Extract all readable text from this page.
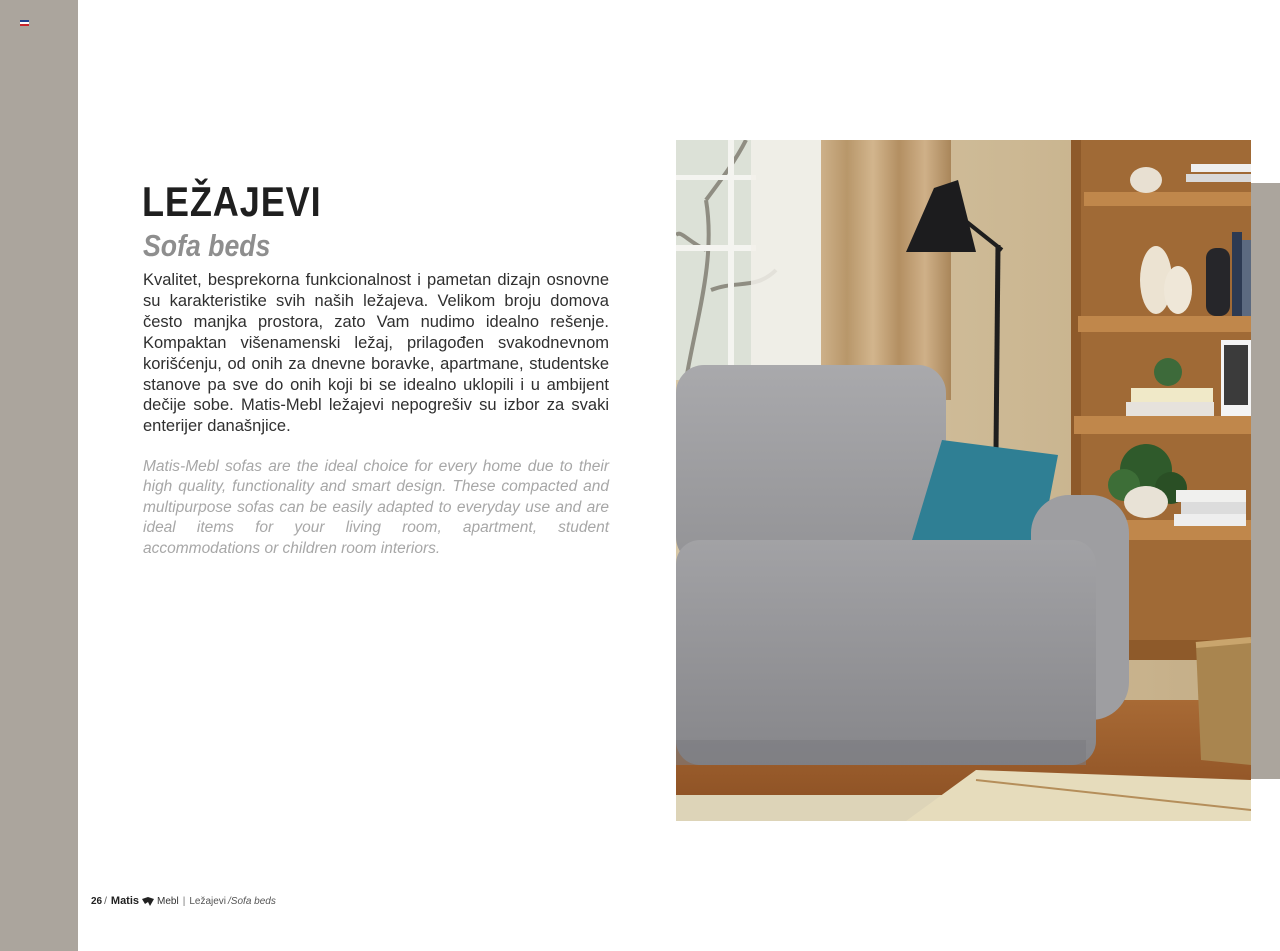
LEŽAJEVI
Sofa beds

Kvalitet, besprekorna funkcionalnost i pametan dizajn osnovne su karakteristike svih naših ležajeva. Velikom broju domova često manjka prostora, zato Vam nudimo idealno rešenje. Kompaktan višenamenski ležaj, prilagođen svakodnevnom korišćenju, od onih za dnevne boravke, apartmane, studentske stanove pa sve do onih koji bi se idealno uklopili i u ambijent dečije sobe. Matis-Mebl ležajevi nepogrešiv su izbor za svaki enterijer današnjice.

Matis-Mebl sofas are the ideal choice for every home due to their high quality, functionality and smart design. These compacted and multipurpose sofas can be easily adapted to everyday use and are ideal items for your living room, apartment, student accommodations or children room interiors.

26 / Matis Mebl | Ležajevi /Sofa beds
